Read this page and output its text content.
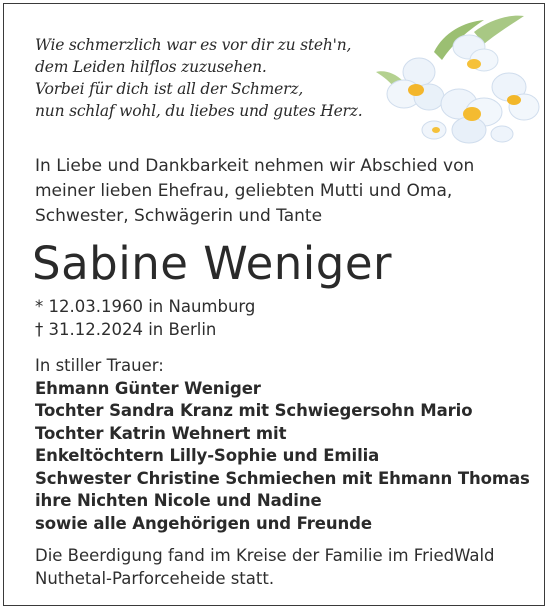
Wie schmerzlich war es vor dir zu steh'n,
dem Leiden hilflos zuzusehen.
Vorbei für dich ist all der Schmerz,
nun schlaf wohl, du liebes und gutes Herz.
In Liebe und Dankbarkeit nehmen wir Abschied von
meiner lieben Ehefrau, geliebten Mutti und Oma,
Schwester, Schwägerin und Tante
Sabine Weniger
* 12.03.1960 in Naumburg
† 31.12.2024 in Berlin
In stiller Trauer:
Ehmann Günter Weniger
Tochter Sandra Kranz mit Schwiegersohn Mario
Tochter Katrin Wehnert mit
Enkeltöchtern Lilly-Sophie und Emilia
Schwester Christine Schmiechen mit Ehmann Thomas
ihre Nichten Nicole und Nadine
sowie alle Angehörigen und Freunde
Die Beerdigung fand im Kreise der Familie im FriedWald
Nuthetal-Parforceheide statt.
